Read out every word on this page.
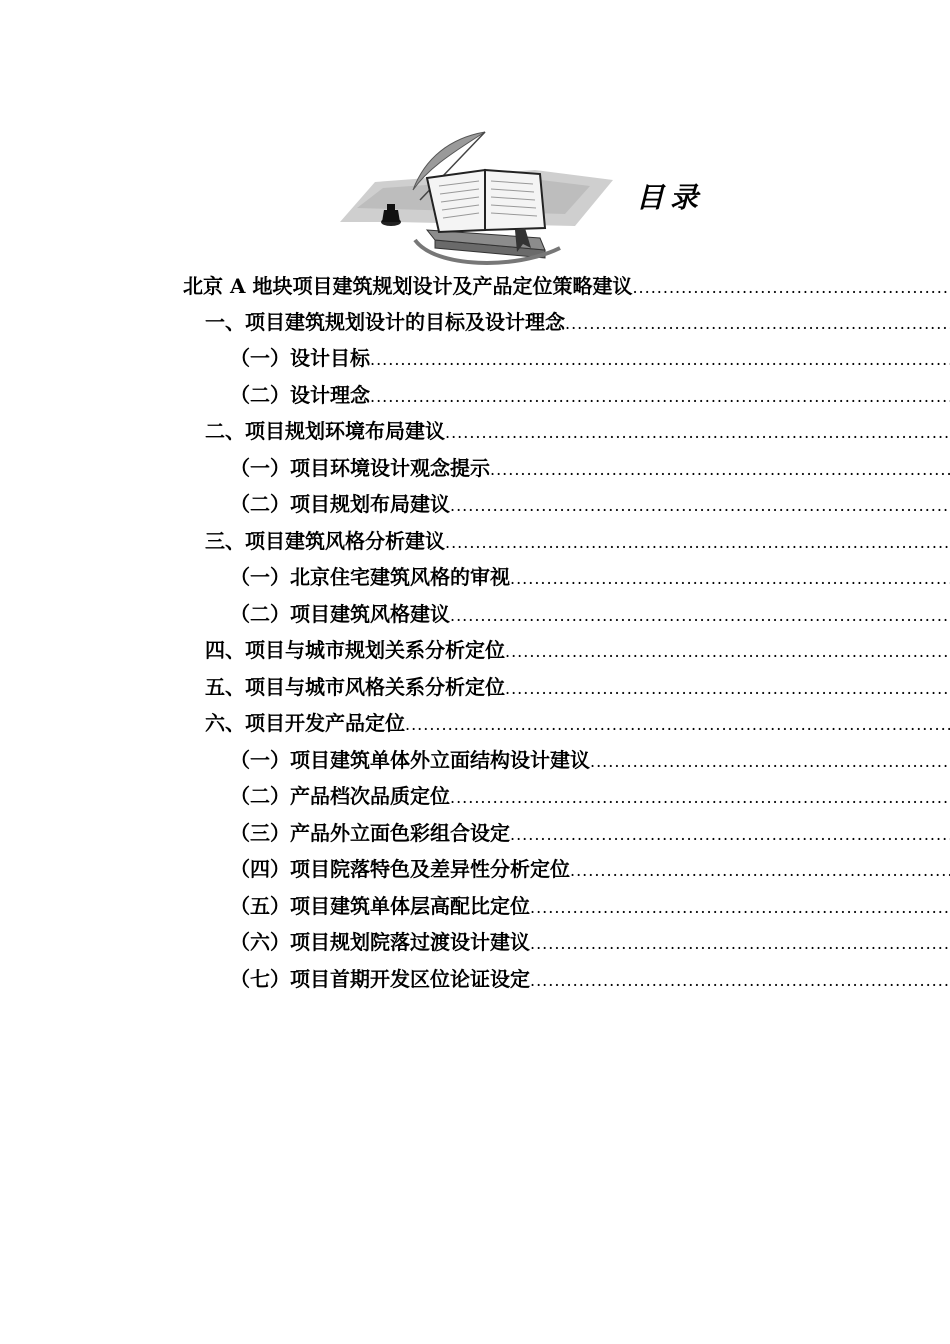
目录
北京 A 地块项目建筑规划设计及产品定位策略建议
.....
一、项目建筑规划设计的目标及设计理念
.....
（一）设计目标
.....
（二）设计理念
.....
二、项目规划环境布局建议
.....
（一）项目环境设计观念提示
.....
（二）项目规划布局建议
.....
三、项目建筑风格分析建议
.....
（一）北京住宅建筑风格的审视
.....
（二）项目建筑风格建议
.....
四、项目与城市规划关系分析定位
.....
五、项目与城市风格关系分析定位
.....
六、项目开发产品定位
.....
（一）项目建筑单体外立面结构设计建议
.....
（二）产品档次品质定位
.....
（三）产品外立面色彩组合设定
.....
（四）项目院落特色及差异性分析定位
.....
（五）项目建筑单体层高配比定位
.....
（六）项目规划院落过渡设计建议
.....
（七）项目首期开发区位论证设定
.....
